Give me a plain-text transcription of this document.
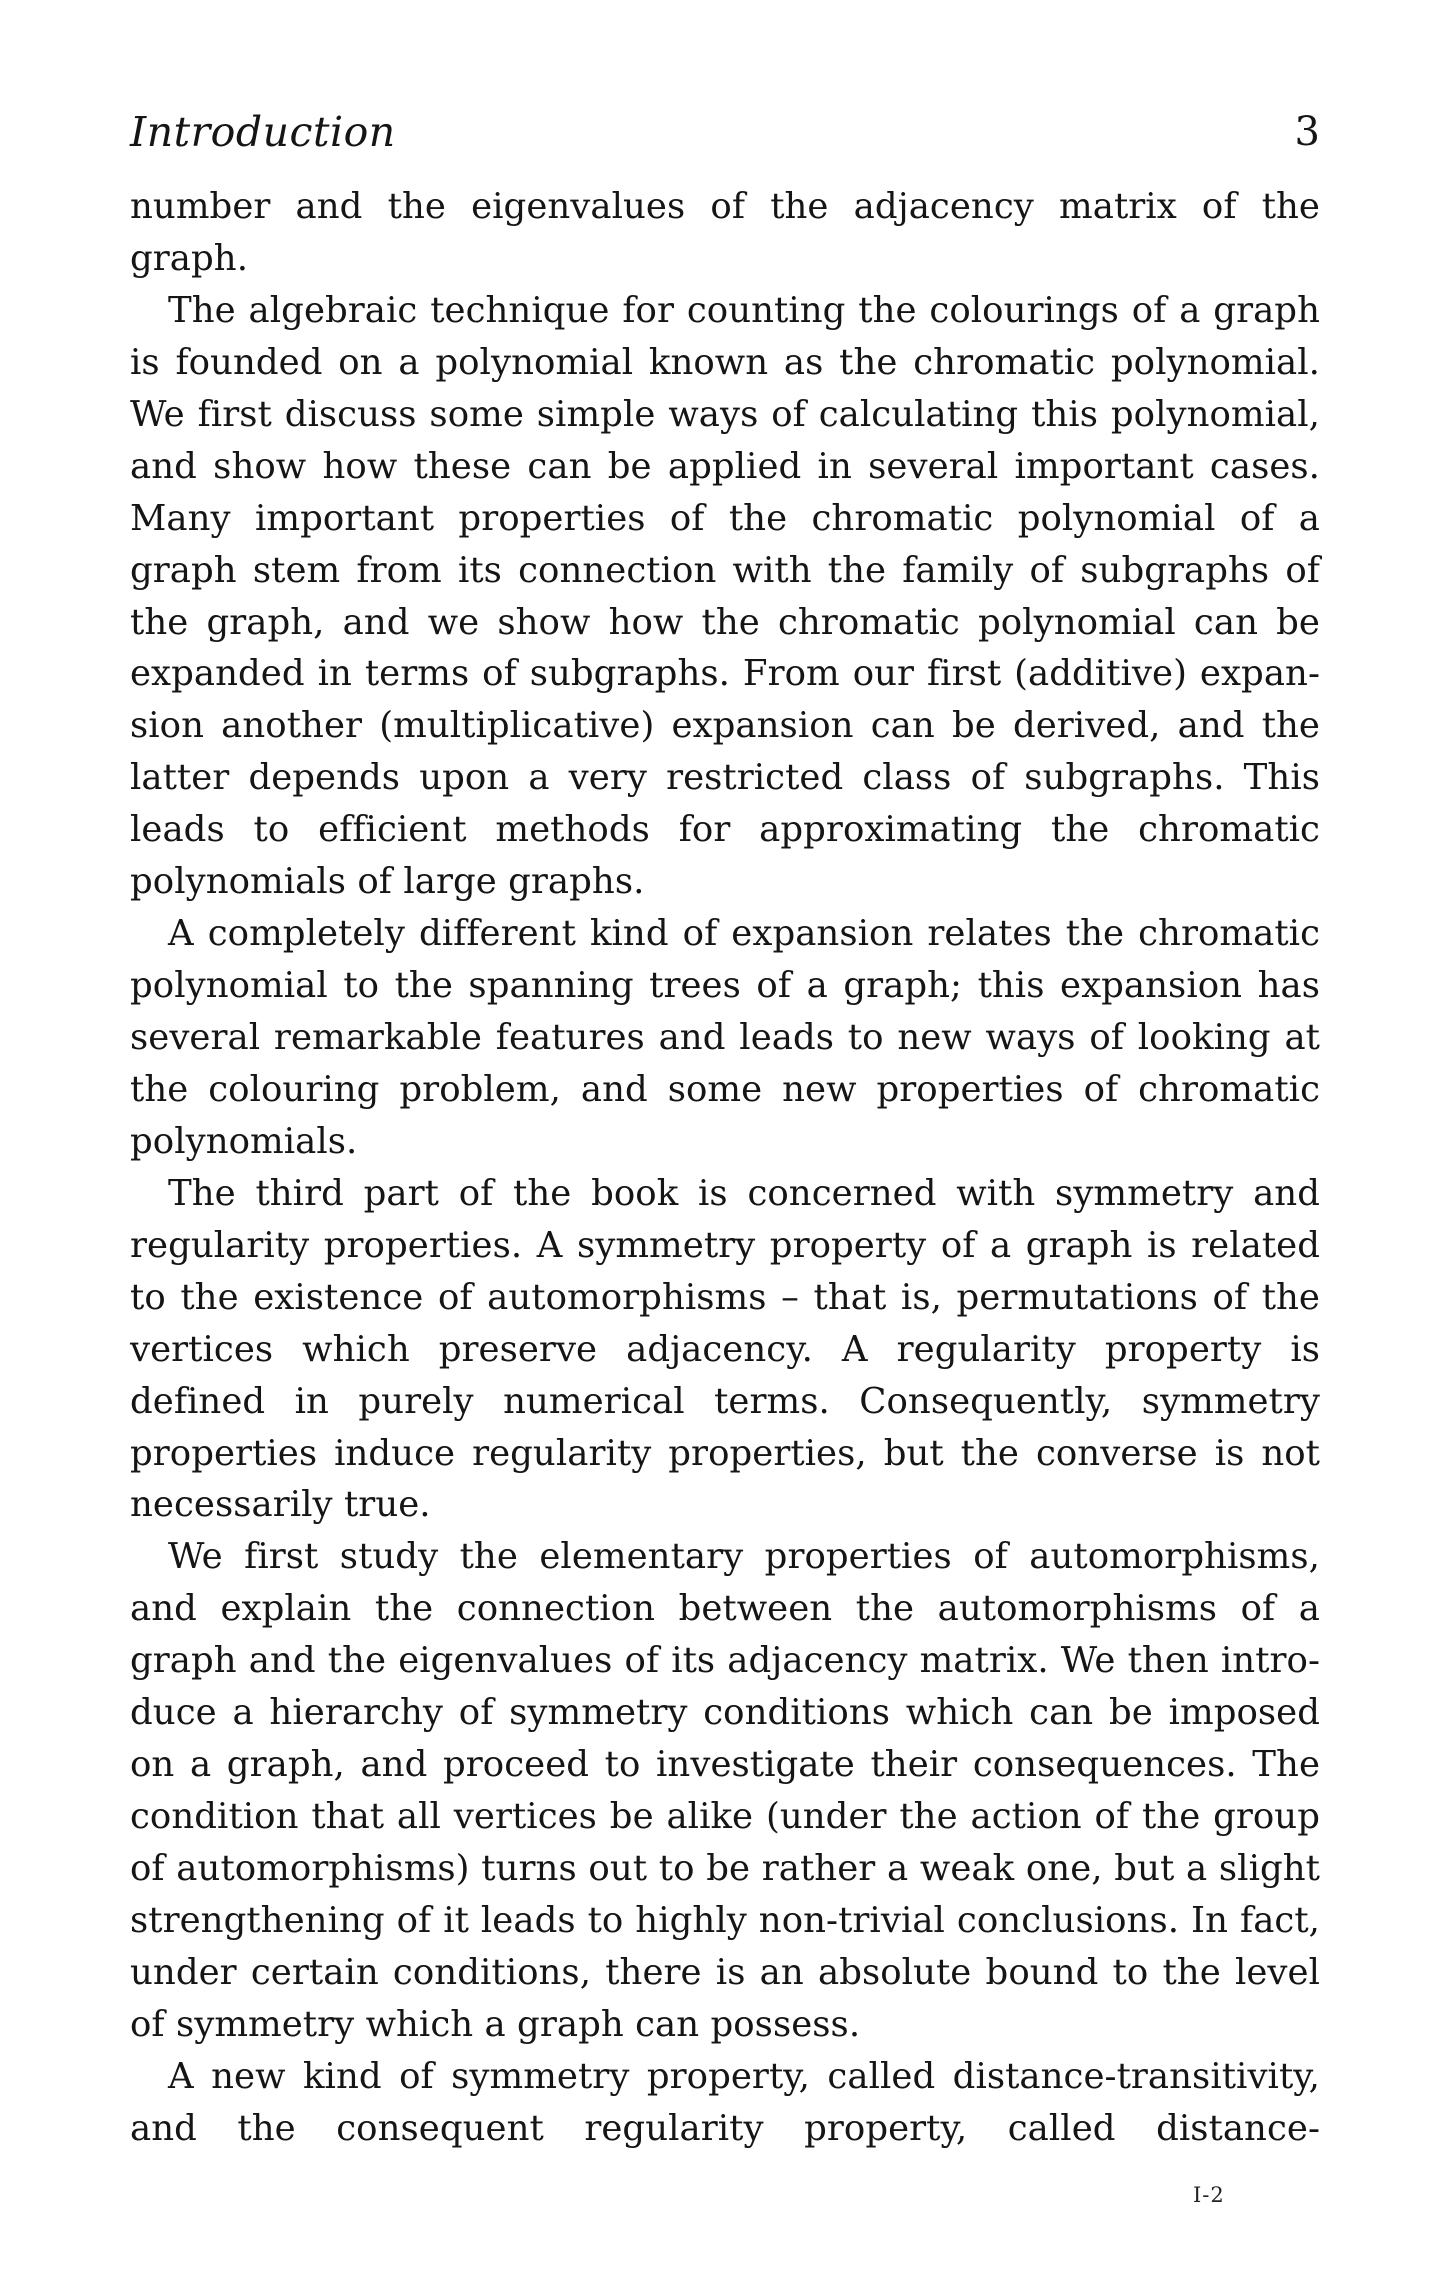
Introduction	3
number and the eigenvalues of the adjacency matrix of the
graph.
The algebraic technique for counting the colourings of a graph
is founded on a polynomial known as the chromatic polynomial.
We first discuss some simple ways of calculating this polynomial,
and show how these can be applied in several important cases.
Many important properties of the chromatic polynomial of a
graph stem from its connection with the family of subgraphs of
the graph, and we show how the chromatic polynomial can be
expanded in terms of subgraphs. From our first (additive) expan-
sion another (multiplicative) expansion can be derived, and the
latter depends upon a very restricted class of subgraphs. This
leads to efficient methods for approximating the chromatic
polynomials of large graphs.
A completely different kind of expansion relates the chromatic
polynomial to the spanning trees of a graph; this expansion has
several remarkable features and leads to new ways of looking at
the colouring problem, and some new properties of chromatic
polynomials.
The third part of the book is concerned with symmetry and
regularity properties. A symmetry property of a graph is related
to the existence of automorphisms – that is, permutations of the
vertices which preserve adjacency. A regularity property is
defined in purely numerical terms. Consequently, symmetry
properties induce regularity properties, but the converse is not
necessarily true.
We first study the elementary properties of automorphisms,
and explain the connection between the automorphisms of a
graph and the eigenvalues of its adjacency matrix. We then intro-
duce a hierarchy of symmetry conditions which can be imposed
on a graph, and proceed to investigate their consequences. The
condition that all vertices be alike (under the action of the group
of automorphisms) turns out to be rather a weak one, but a slight
strengthening of it leads to highly non-trivial conclusions. In fact,
under certain conditions, there is an absolute bound to the level
of symmetry which a graph can possess.
A new kind of symmetry property, called distance-transitivity,
and the consequent regularity property, called distance-
I-2
